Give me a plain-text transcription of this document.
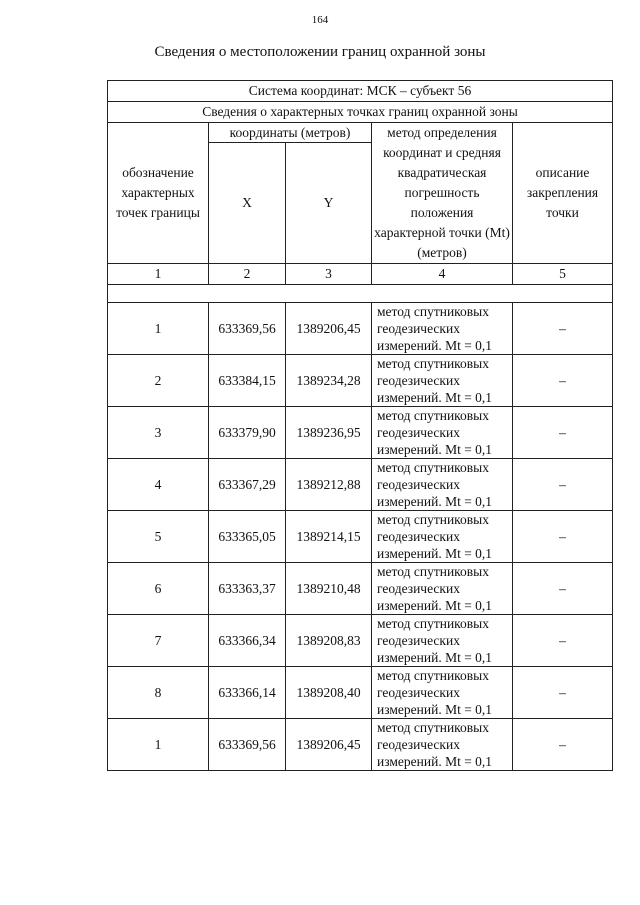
164
Сведения о местоположении границ охранной зоны
Система координат: МСК – субъект 56				
Сведения о характерных точках границ охранной зоны				
обозначение характерных точек границы	координаты (метров)		метод определения координат и средняя квадратическая погрешность положения характерной точки (Mt) (метров)	описание закрепления точки
	X	Y		
1	2	3	4	5

1	633369,56	1389206,45	метод спутниковых геодезических измерений. Mt = 0,1	–
2	633384,15	1389234,28	метод спутниковых геодезических измерений. Mt = 0,1	–
3	633379,90	1389236,95	метод спутниковых геодезических измерений. Mt = 0,1	–
4	633367,29	1389212,88	метод спутниковых геодезических измерений. Mt = 0,1	–
5	633365,05	1389214,15	метод спутниковых геодезических измерений. Mt = 0,1	–
6	633363,37	1389210,48	метод спутниковых геодезических измерений. Mt = 0,1	–
7	633366,34	1389208,83	метод спутниковых геодезических измерений. Mt = 0,1	–
8	633366,14	1389208,40	метод спутниковых геодезических измерений. Mt = 0,1	–
1	633369,56	1389206,45	метод спутниковых геодезических измерений. Mt = 0,1	–
